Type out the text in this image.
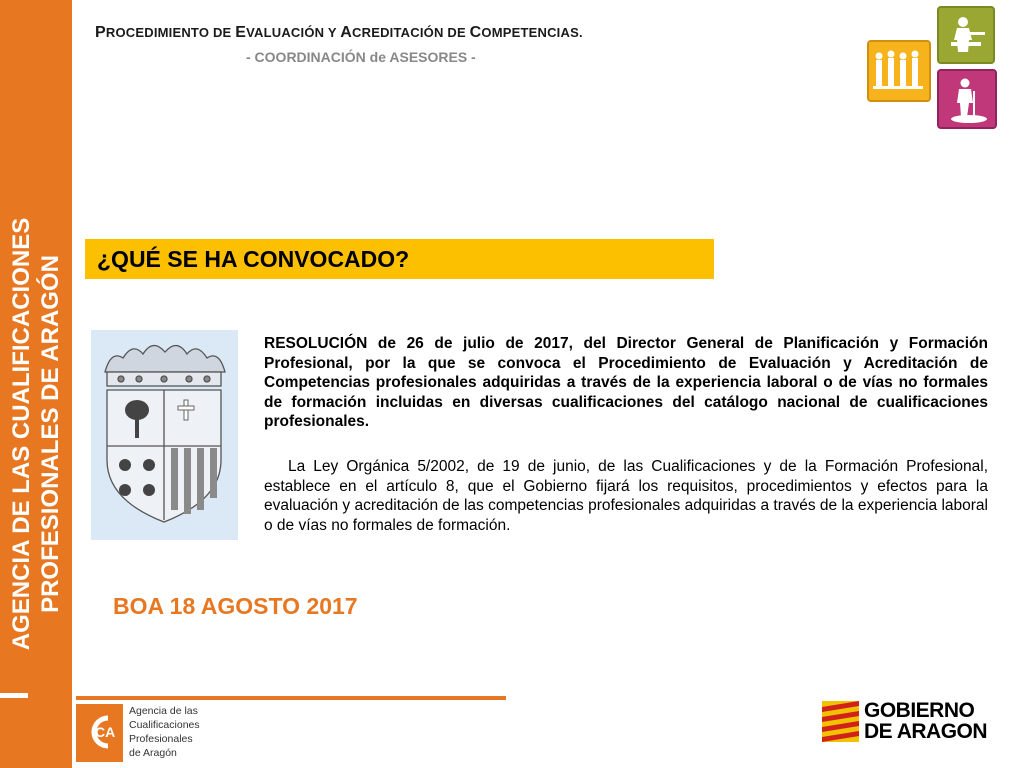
AGENCIA DE LAS CUALIFICACIONES PROFESIONALES DE ARAGÓN
PROCEDIMIENTO DE EVALUACIÓN Y ACREDITACIÓN DE COMPETENCIAS.
- COORDINACIÓN de ASESORES -
¿QUÉ SE HA CONVOCADO?
RESOLUCIÓN de 26 de julio de 2017, del Director General de Planificación y Formación Profesional, por la que se convoca el Procedimiento de Evaluación y Acreditación de Competencias profesionales adquiridas a través de la experiencia laboral o de vías no formales de formación incluidas en diversas cualificaciones del catálogo nacional de cualificaciones profesionales.
La Ley Orgánica 5/2002, de 19 de junio, de las Cualificaciones y de la Formación Profesional, establece en el artículo 8, que el Gobierno fijará los requisitos, procedimientos y efectos para la evaluación y acreditación de las competencias profesionales adquiridas a través de la experiencia laboral o de vías no formales de formación.
BOA 18 AGOSTO 2017
CA
Agencia de las
Cualificaciones
Profesionales
de Aragón
GOBIERNO
DE ARAGON
